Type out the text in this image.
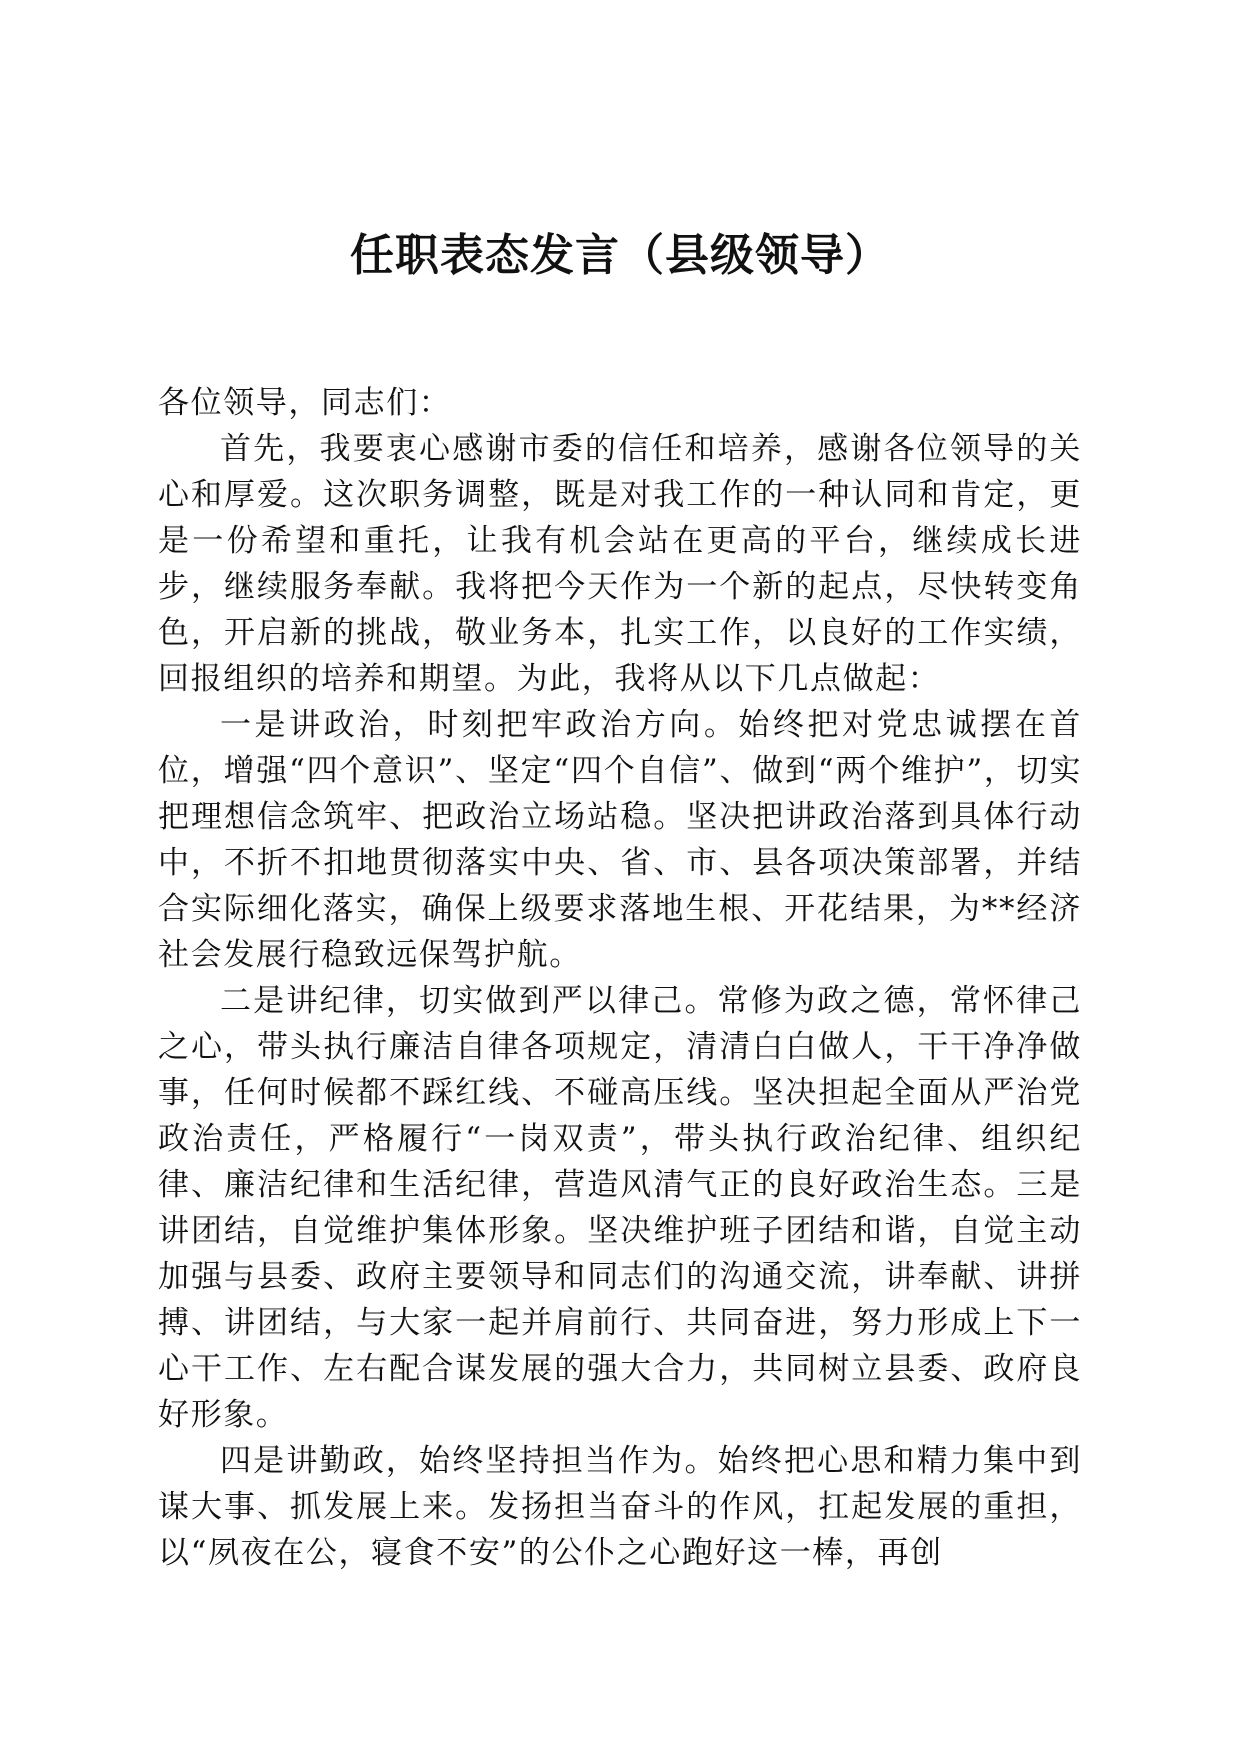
任职表态发言（县级领导）

各位领导，同志们：

首先，我要衷心感谢市委的信任和培养，感谢各位领导的关心和厚爱。这次职务调整，既是对我工作的一种认同和肯定，更是一份希望和重托，让我有机会站在更高的平台，继续成长进步，继续服务奉献。我将把今天作为一个新的起点，尽快转变角色，开启新的挑战，敬业务本，扎实工作，以良好的工作实绩，回报组织的培养和期望。为此，我将从以下几点做起：

一是讲政治，时刻把牢政治方向。始终把对党忠诚摆在首位，增强“四个意识”、坚定“四个自信”、做到“两个维护”，切实把理想信念筑牢、把政治立场站稳。坚决把讲政治落到具体行动中，不折不扣地贯彻落实中央、省、市、县各项决策部署，并结合实际细化落实，确保上级要求落地生根、开花结果，为**经济社会发展行稳致远保驾护航。

二是讲纪律，切实做到严以律己。常修为政之德，常怀律己之心，带头执行廉洁自律各项规定，清清白白做人，干干净净做事，任何时候都不踩红线、不碰高压线。坚决担起全面从严治党政治责任，严格履行“一岗双责”，带头执行政治纪律、组织纪律、廉洁纪律和生活纪律，营造风清气正的良好政治生态。三是讲团结，自觉维护集体形象。坚决维护班子团结和谐，自觉主动加强与县委、政府主要领导和同志们的沟通交流，讲奉献、讲拼搏、讲团结，与大家一起并肩前行、共同奋进，努力形成上下一心干工作、左右配合谋发展的强大合力，共同树立县委、政府良好形象。

四是讲勤政，始终坚持担当作为。始终把心思和精力集中到谋大事、抓发展上来。发扬担当奋斗的作风，扛起发展的重担，以“夙夜在公，寝食不安”的公仆之心跑好这一棒，再创
